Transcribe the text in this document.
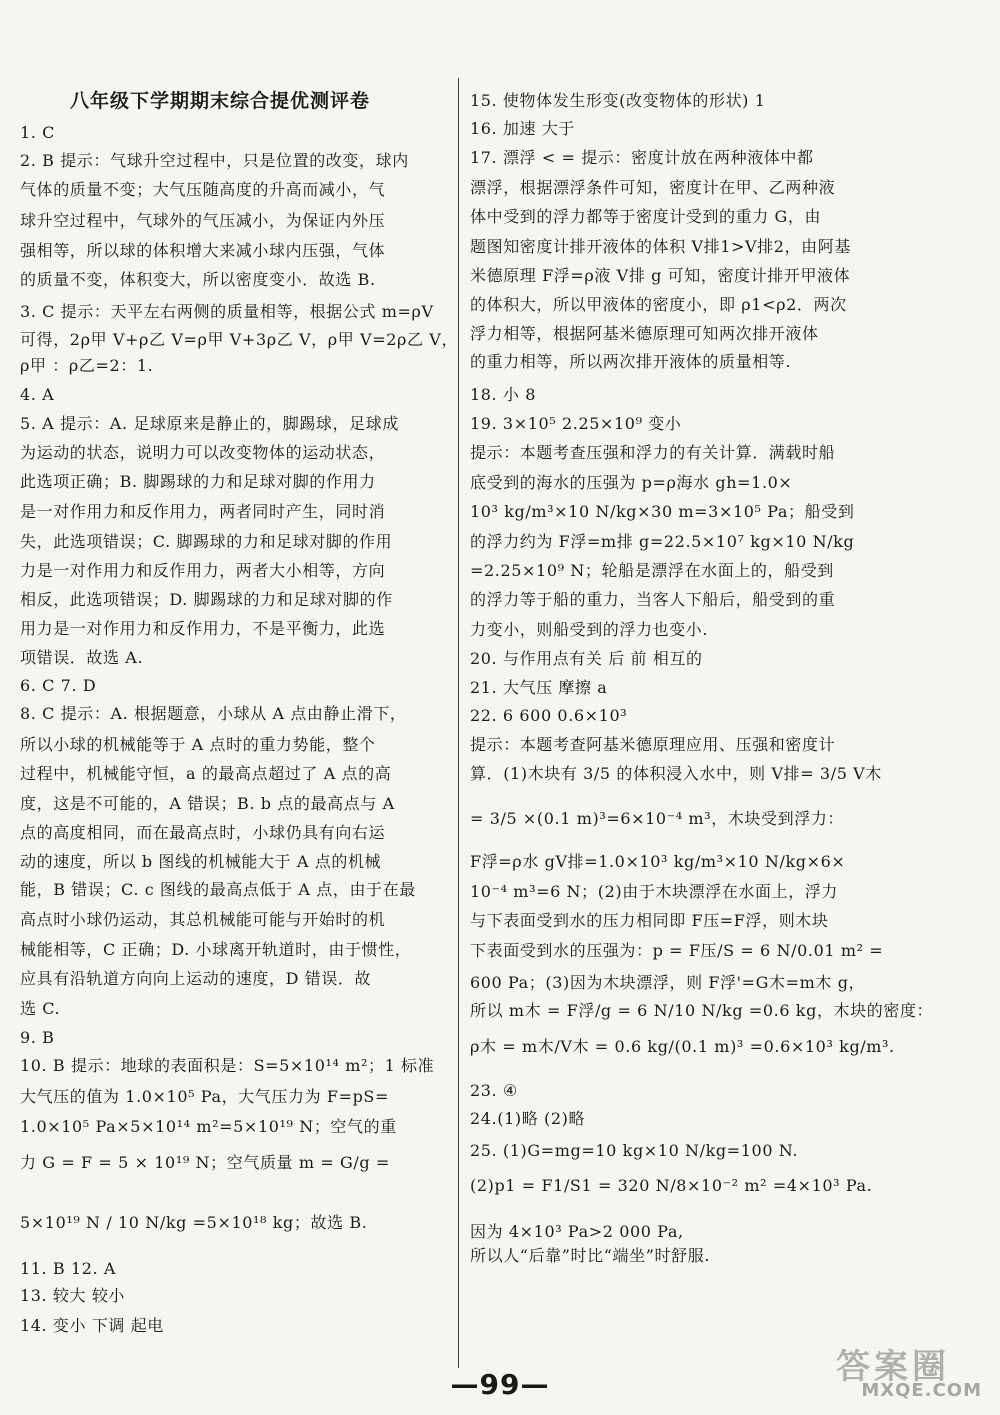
八年级下学期期末综合提优测评卷
1. C
2. B 提示：气球升空过程中，只是位置的改变，球内
气体的质量不变；大气压随高度的升高而减小，气
球升空过程中，气球外的气压减小，为保证内外压
强相等，所以球的体积增大来减小球内压强，气体
的质量不变，体积变大，所以密度变小．故选 B.
3. C 提示：天平左右两侧的质量相等，根据公式 m=ρV
可得，2ρ甲 V+ρ乙 V=ρ甲 V+3ρ乙 V，ρ甲 V=2ρ乙 V，
ρ甲 ：ρ乙=2：1.
4. A
5. A 提示：A. 足球原来是静止的，脚踢球，足球成
为运动的状态，说明力可以改变物体的运动状态，
此选项正确；B. 脚踢球的力和足球对脚的作用力
是一对作用力和反作用力，两者同时产生，同时消
失，此选项错误；C. 脚踢球的力和足球对脚的作用
力是一对作用力和反作用力，两者大小相等，方向
相反，此选项错误；D. 脚踢球的力和足球对脚的作
用力是一对作用力和反作用力，不是平衡力，此选
项错误．故选 A.
6. C 7. D
8. C 提示：A. 根据题意，小球从 A 点由静止滑下，
所以小球的机械能等于 A 点时的重力势能，整个
过程中，机械能守恒，a 的最高点超过了 A 点的高
度，这是不可能的，A 错误；B. b 点的最高点与 A
点的高度相同，而在最高点时，小球仍具有向右运
动的速度，所以 b 图线的机械能大于 A 点的机械
能，B 错误；C. c 图线的最高点低于 A 点，由于在最
高点时小球仍运动，其总机械能可能与开始时的机
械能相等，C 正确；D. 小球离开轨道时，由于惯性，
应具有沿轨道方向向上运动的速度，D 错误．故
选 C.
9. B
10. B 提示：地球的表面积是：S=5×10¹⁴ m²；1 标准
大气压的值为 1.0×10⁵ Pa，大气压力为 F=pS=
1.0×10⁵ Pa×5×10¹⁴ m²=5×10¹⁹ N；空气的重
力 G = F = 5 × 10¹⁹ N；空气质量 m = G/g =
5×10¹⁹ N / 10 N/kg =5×10¹⁸ kg；故选 B.
11. B 12. A
13. 较大 较小
14. 变小 下调 起电
15. 使物体发生形变(改变物体的形状) 1
16. 加速 大于
17. 漂浮 < = 提示：密度计放在两种液体中都
漂浮，根据漂浮条件可知，密度计在甲、乙两种液
体中受到的浮力都等于密度计受到的重力 G，由
题图知密度计排开液体的体积 V排1>V排2，由阿基
米德原理 F浮=ρ液 V排 g 可知，密度计排开甲液体
的体积大，所以甲液体的密度小，即 ρ1<ρ2．两次
浮力相等，根据阿基米德原理可知两次排开液体
的重力相等，所以两次排开液体的质量相等.
18. 小 8
19. 3×10⁵ 2.25×10⁹ 变小
提示：本题考查压强和浮力的有关计算．满载时船
底受到的海水的压强为 p=ρ海水 gh=1.0×
10³ kg/m³×10 N/kg×30 m=3×10⁵ Pa；船受到
的浮力约为 F浮=m排 g=22.5×10⁷ kg×10 N/kg
=2.25×10⁹ N；轮船是漂浮在水面上的，船受到
的浮力等于船的重力，当客人下船后，船受到的重
力变小，则船受到的浮力也变小.
20. 与作用点有关 后 前 相互的
21. 大气压 摩擦 a
22. 6 600 0.6×10³
提示：本题考查阿基米德原理应用、压强和密度计
算．(1)木块有 3/5 的体积浸入水中，则 V排= 3/5 V木
= 3/5 ×(0.1 m)³=6×10⁻⁴ m³，木块受到浮力：
F浮=ρ水 gV排=1.0×10³ kg/m³×10 N/kg×6×
10⁻⁴ m³=6 N；(2)由于木块漂浮在水面上，浮力
与下表面受到水的压力相同即 F压=F浮，则木块
下表面受到水的压强为：p = F压/S = 6 N/0.01 m² =
600 Pa；(3)因为木块漂浮，则 F浮'=G木=m木 g，
所以 m木 = F浮/g = 6 N/10 N/kg =0.6 kg，木块的密度：
ρ木 = m木/V木 = 0.6 kg/(0.1 m)³ =0.6×10³ kg/m³.
23. ④
24.(1)略 (2)略
25. (1)G=mg=10 kg×10 N/kg=100 N.
(2)p1 = F1/S1 = 320 N/8×10⁻² m² =4×10³ Pa.
因为 4×10³ Pa>2 000 Pa,
所以人“后靠”时比“端坐”时舒服.
—99—	答案圈
MXQE.COM
